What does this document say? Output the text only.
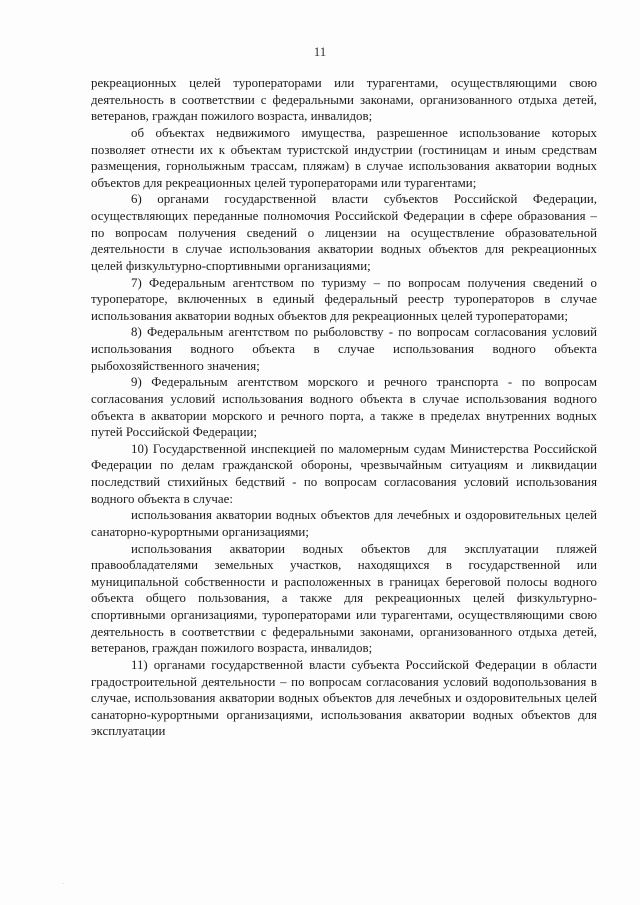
11

рекреационных целей туроператорами или турагентами, осуществляющими свою деятельность в соответствии с федеральными законами, организованного отдыха детей, ветеранов, граждан пожилого возраста, инвалидов;

об объектах недвижимого имущества, разрешенное использование которых позволяет отнести их к объектам туристской индустрии (гостиницам и иным средствам размещения, горнолыжным трассам, пляжам) в случае использования акватории водных объектов для рекреационных целей туроператорами или турагентами;

6) органами государственной власти субъектов Российской Федерации, осуществляющих переданные полномочия Российской Федерации в сфере образования – по вопросам получения сведений о лицензии на осуществление образовательной деятельности в случае использования акватории водных объектов для рекреационных целей физкультурно-спортивными организациями;

7) Федеральным агентством по туризму – по вопросам получения сведений о туроператоре, включенных в единый федеральный реестр туроператоров в случае использования акватории водных объектов для рекреационных целей туроператорами;

8) Федеральным агентством по рыболовству - по вопросам согласования условий использования водного объекта в случае использования водного объекта рыбохозяйственного значения;

9) Федеральным агентством морского и речного транспорта - по вопросам согласования условий использования водного объекта в случае использования водного объекта в акватории морского и речного порта, а также в пределах внутренних водных путей Российской Федерации;

10) Государственной инспекцией по маломерным судам Министерства Российской Федерации по делам гражданской обороны, чрезвычайным ситуациям и ликвидации последствий стихийных бедствий - по вопросам согласования условий использования водного объекта в случае:

использования акватории водных объектов для лечебных и оздоровительных целей санаторно-курортными организациями;

использования акватории водных объектов для эксплуатации пляжей правообладателями земельных участков, находящихся в государственной или муниципальной собственности и расположенных в границах береговой полосы водного объекта общего пользования, а также для рекреационных целей физкультурно-спортивными организациями, туроператорами или турагентами, осуществляющими свою деятельность в соответствии с федеральными законами, организованного отдыха детей, ветеранов, граждан пожилого возраста, инвалидов;

11) органами государственной власти субъекта Российской Федерации в области градостроительной деятельности – по вопросам согласования условий водопользования в случае, использования акватории водных объектов для лечебных и оздоровительных целей санаторно-курортными организациями, использования акватории водных объектов для эксплуатации

·
